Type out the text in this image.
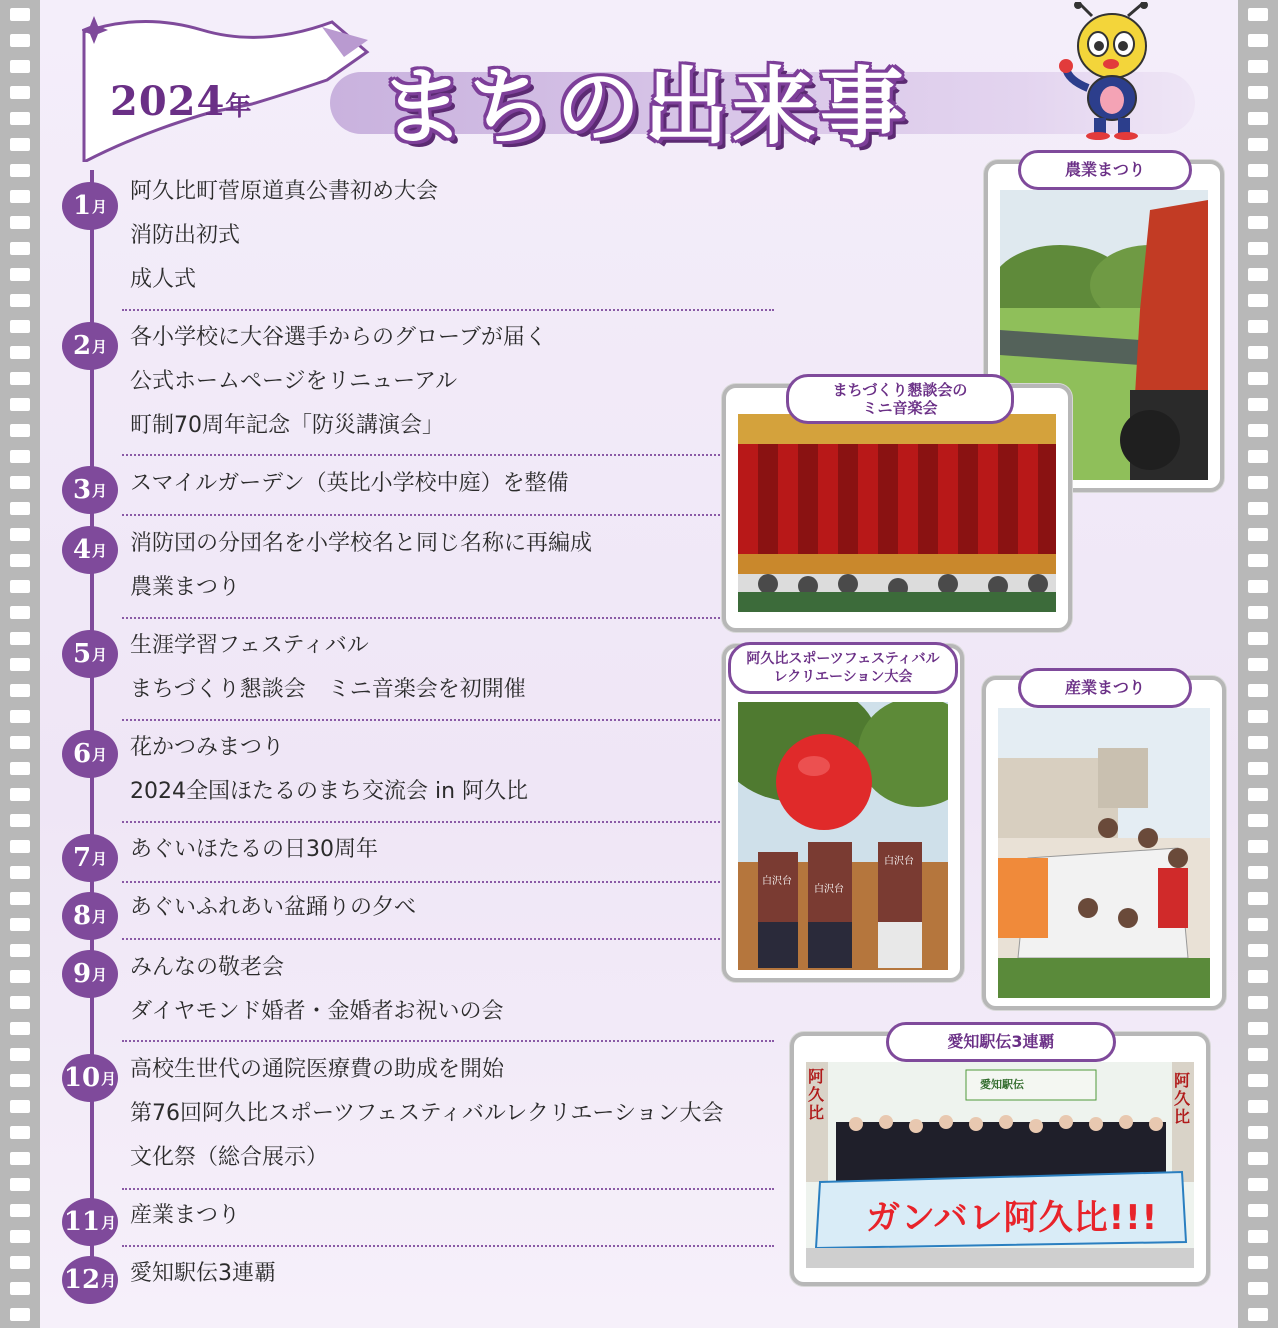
2024年 まちの出来事
1 月
阿久比町菅原道真公書初め大会
消防出初式
成人式
2 月 各小学校に大谷選手からのグローブが届く
公式ホームページをリニューアル
町制70周年記念「防災講演会」
3 月 スマイルガーデン（英比小学校中庭）を整備
4 月 消防団の分団名を小学校名と同じ名称に再編成
農業まつり
5 月 生涯学習フェスティバル
まちづくり懇談会　ミニ音楽会を初開催
6 月 花かつみまつり
2024全国ほたるのまち交流会 in 阿久比
7 月 あぐいほたるの日30周年
8 月 あぐいふれあい盆踊りの夕べ
9 月 みんなの敬老会
ダイヤモンド婚者・金婚者お祝いの会
10 月 高校生世代の通院医療費の助成を開始
第76回阿久比スポーツフェスティバルレクリエーション大会
文化祭（総合展示）
11 月 産業まつり
12 月 愛知駅伝3連覇
農業まつり
まちづくり懇談会の
ミニ音楽会
白沢台
白沢台
白沢台
阿久比スポーツフェスティバル
レクリエーション大会
産業まつり
愛知駅伝
阿久比
阿久比
ガンバレ阿久比!!!
愛知駅伝3連覇
